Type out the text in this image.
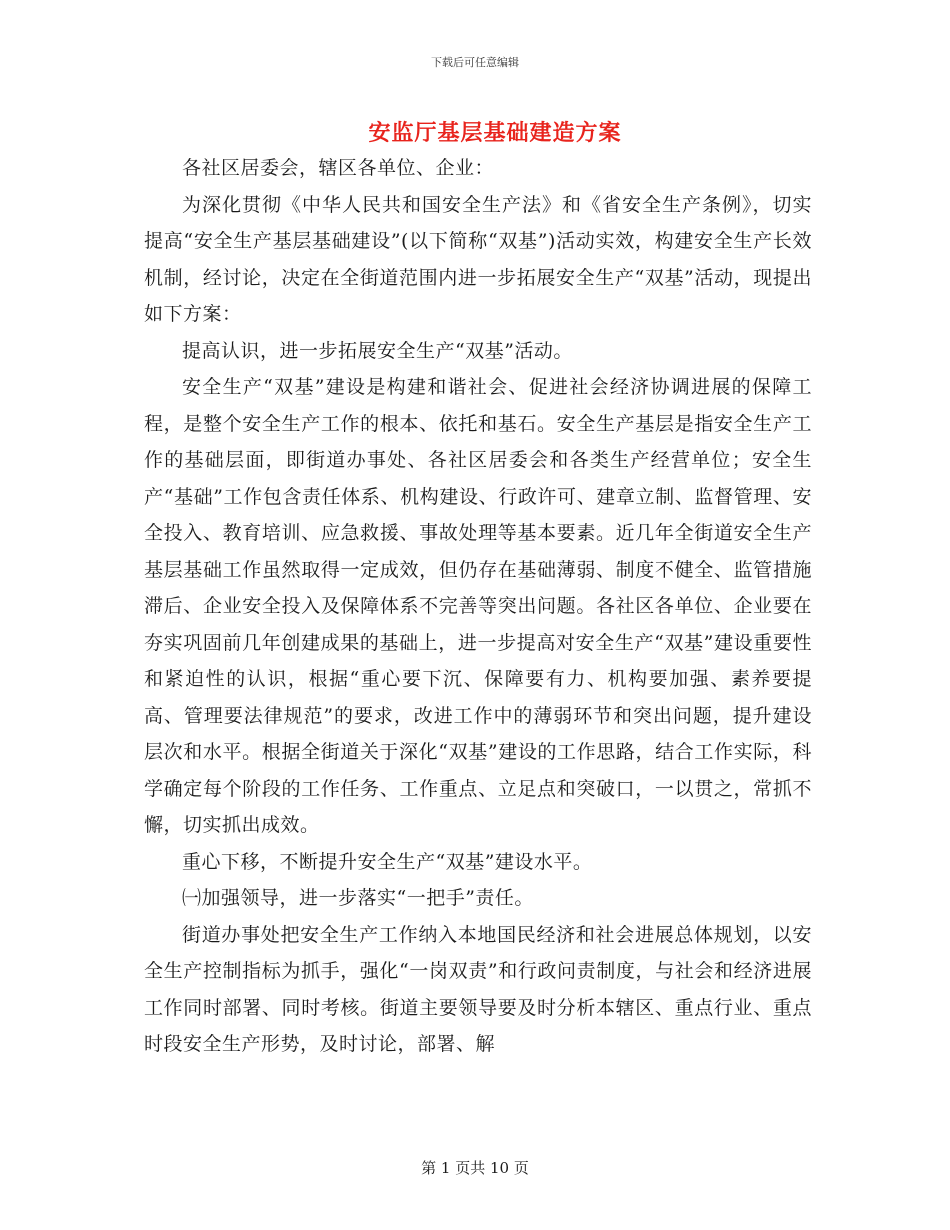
下载后可任意编辑
安监厅基层基础建造方案

各社区居委会，辖区各单位、企业：

为深化贯彻《中华人民共和国安全生产法》和《省安全生产条例》，切实提高“安全生产基层基础建设”(以下简称“双基”)活动实效，构建安全生产长效机制，经讨论，决定在全街道范围内进一步拓展安全生产“双基”活动，现提出如下方案：

提高认识，进一步拓展安全生产“双基”活动。

安全生产“双基”建设是构建和谐社会、促进社会经济协调进展的保障工程，是整个安全生产工作的根本、依托和基石。安全生产基层是指安全生产工作的基础层面，即街道办事处、各社区居委会和各类生产经营单位；安全生产“基础”工作包含责任体系、机构建设、行政许可、建章立制、监督管理、安全投入、教育培训、应急救援、事故处理等基本要素。近几年全街道安全生产基层基础工作虽然取得一定成效，但仍存在基础薄弱、制度不健全、监管措施滞后、企业安全投入及保障体系不完善等突出问题。各社区各单位、企业要在夯实巩固前几年创建成果的基础上，进一步提高对安全生产“双基”建设重要性和紧迫性的认识，根据“重心要下沉、保障要有力、机构要加强、素养要提高、管理要法律规范”的要求，改进工作中的薄弱环节和突出问题，提升建设层次和水平。根据全街道关于深化“双基”建设的工作思路，结合工作实际，科学确定每个阶段的工作任务、工作重点、立足点和突破口，一以贯之，常抓不懈，切实抓出成效。

重心下移，不断提升安全生产“双基”建设水平。

㈠加强领导，进一步落实“一把手”责任。

街道办事处把安全生产工作纳入本地国民经济和社会进展总体规划，以安全生产控制指标为抓手，强化“一岗双责”和行政问责制度，与社会和经济进展工作同时部署、同时考核。街道主要领导要及时分析本辖区、重点行业、重点时段安全生产形势，及时讨论，部署、解

第 1 页共 10 页
